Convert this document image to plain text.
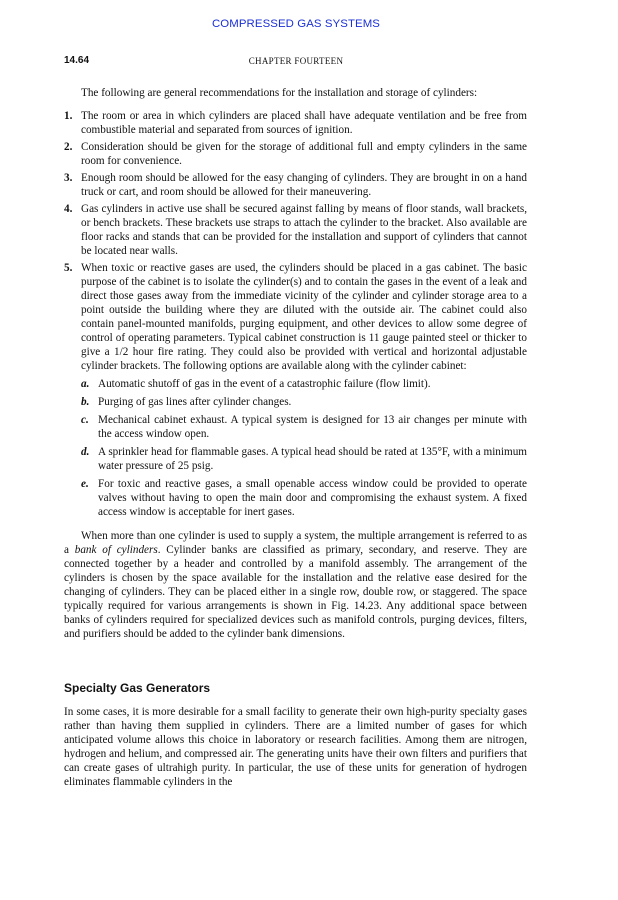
COMPRESSED GAS SYSTEMS
14.64	CHAPTER FOURTEEN

The following are general recommendations for the installation and storage of cylinders:

1. The room or area in which cylinders are placed shall have adequate ventilation and be free from combustible material and separated from sources of ignition.
2. Consideration should be given for the storage of additional full and empty cylinders in the same room for convenience.
3. Enough room should be allowed for the easy changing of cylinders. They are brought in on a hand truck or cart, and room should be allowed for their maneuvering.
4. Gas cylinders in active use shall be secured against falling by means of floor stands, wall brackets, or bench brackets. These brackets use straps to attach the cylinder to the bracket. Also available are floor racks and stands that can be provided for the installation and support of cylinders that cannot be located near walls.
5. When toxic or reactive gases are used, the cylinders should be placed in a gas cabinet. The basic purpose of the cabinet is to isolate the cylinder(s) and to contain the gases in the event of a leak and direct those gases away from the immediate vicinity of the cylinder and cylinder storage area to a point outside the building where they are diluted with the outside air. The cabinet could also contain panel-mounted manifolds, purging equipment, and other devices to allow some degree of control of operating parameters. Typical cabinet construction is 11 gauge painted steel or thicker to give a 1/2 hour fire rating. They could also be provided with vertical and horizontal adjustable cylinder brackets. The following options are available along with the cylinder cabinet:
a. Automatic shutoff of gas in the event of a catastrophic failure (flow limit).
b. Purging of gas lines after cylinder changes.
c. Mechanical cabinet exhaust. A typical system is designed for 13 air changes per minute with the access window open.
d. A sprinkler head for flammable gases. A typical head should be rated at 135°F, with a minimum water pressure of 25 psig.
e. For toxic and reactive gases, a small openable access window could be provided to operate valves without having to open the main door and compromising the exhaust system. A fixed access window is acceptable for inert gases.

When more than one cylinder is used to supply a system, the multiple arrangement is referred to as a bank of cylinders. Cylinder banks are classified as primary, secondary, and reserve. They are connected together by a header and controlled by a manifold assembly. The arrangement of the cylinders is chosen by the space available for the installation and the relative ease desired for the changing of cylinders. They can be placed either in a single row, double row, or staggered. The space typically required for various arrangements is shown in Fig. 14.23. Any additional space between banks of cylinders required for specialized devices such as manifold controls, purging devices, filters, and purifiers should be added to the cylinder bank dimensions.

Specialty Gas Generators

In some cases, it is more desirable for a small facility to generate their own high-purity specialty gases rather than having them supplied in cylinders. There are a limited number of gases for which anticipated volume allows this choice in laboratory or research facilities. Among them are nitrogen, hydrogen and helium, and compressed air. The generating units have their own filters and purifiers that can create gases of ultrahigh purity. In particular, the use of these units for generation of hydrogen eliminates flammable cylinders in the
